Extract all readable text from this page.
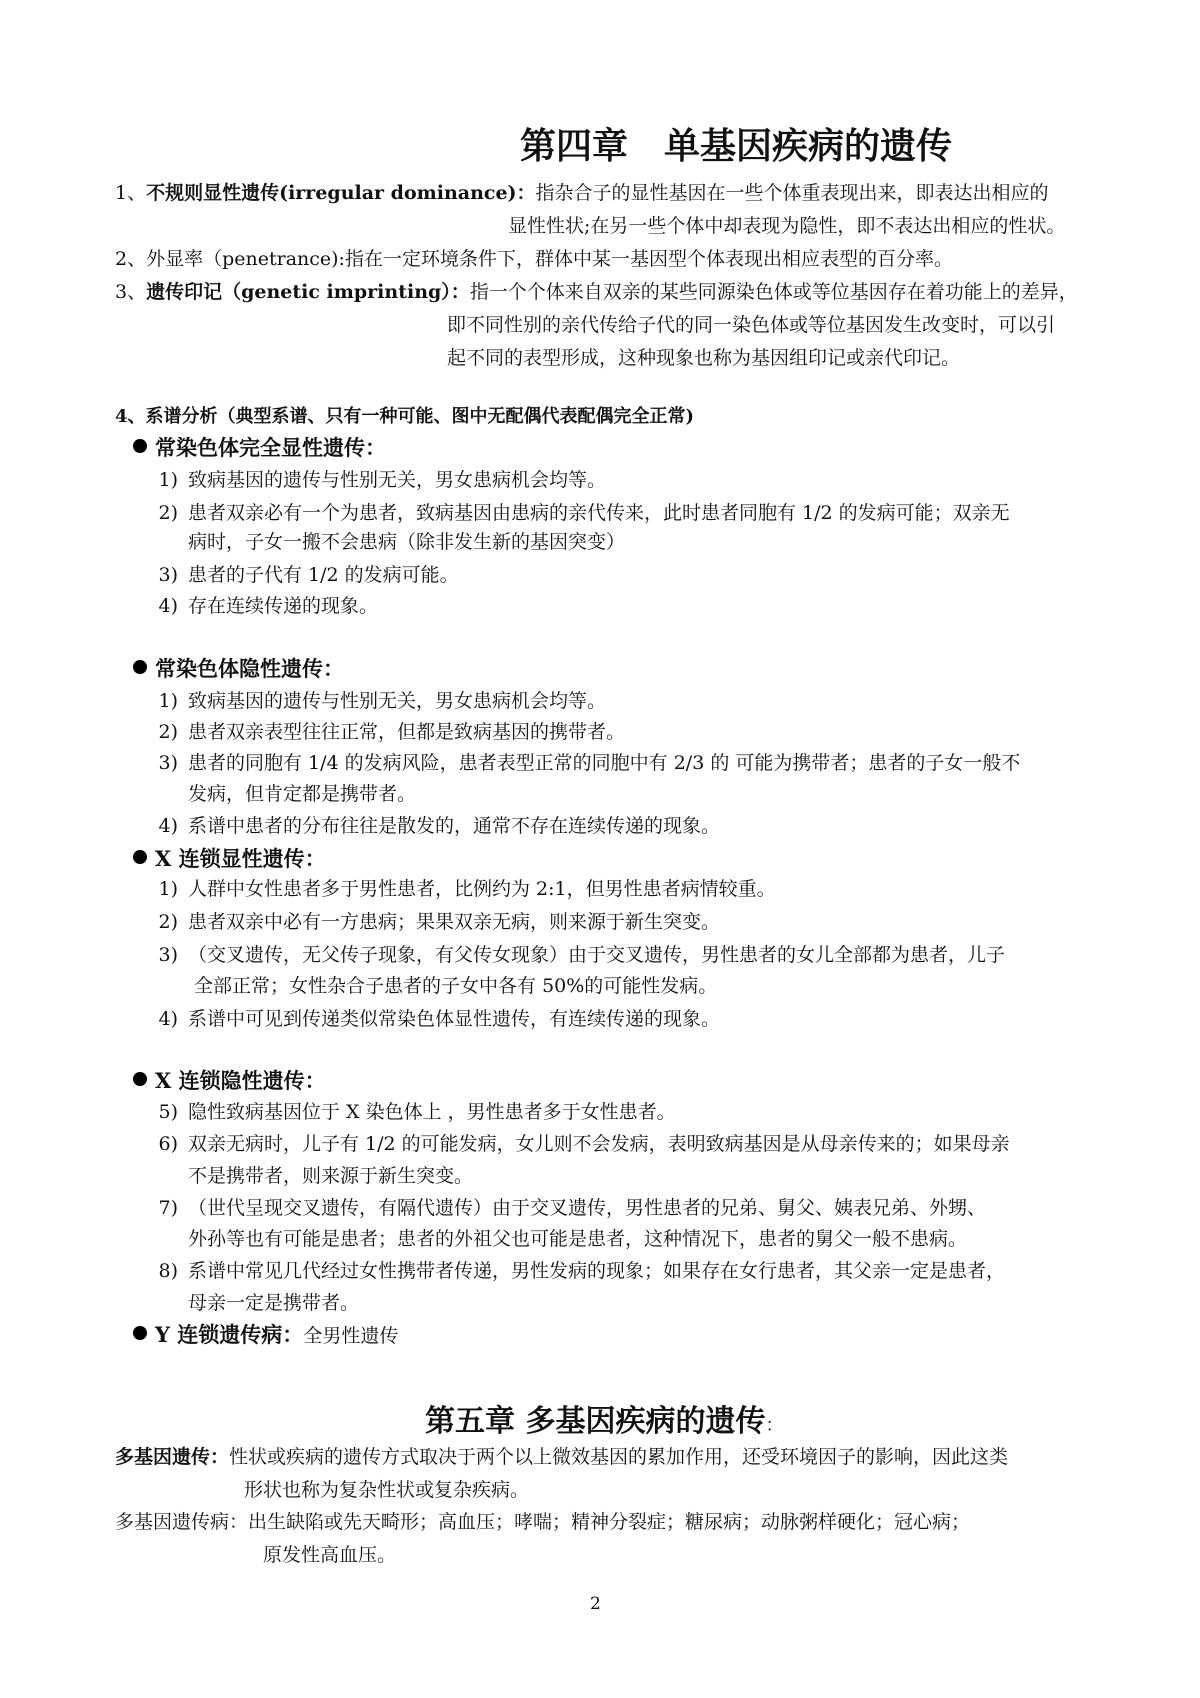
第四章　单基因疾病的遗传
1、不规则显性遗传(irregular dominance)：指杂合子的显性基因在一些个体重表现出来，即表达出相应的
显性性状;在另一些个体中却表现为隐性，即不表达出相应的性状。
2、外显率（penetrance):指在一定环境条件下，群体中某一基因型个体表现出相应表型的百分率。
3、遗传印记（genetic imprinting）：指一个个体来自双亲的某些同源染色体或等位基因存在着功能上的差异，
即不同性别的亲代传给子代的同一染色体或等位基因发生改变时，可以引
起不同的表型形成，这种现象也称为基因组印记或亲代印记。
4、系谱分析（典型系谱、只有一种可能、图中无配偶代表配偶完全正常)
常染色体完全显性遗传：
1) 致病基因的遗传与性别无关，男女患病机会均等。
2) 患者双亲必有一个为患者，致病基因由患病的亲代传来，此时患者同胞有 1/2 的发病可能；双亲无
病时，子女一搬不会患病（除非发生新的基因突变）
3) 患者的子代有 1/2 的发病可能。
4) 存在连续传递的现象。
常染色体隐性遗传：
1) 致病基因的遗传与性别无关，男女患病机会均等。
2) 患者双亲表型往往正常，但都是致病基因的携带者。
3) 患者的同胞有 1/4 的发病风险，患者表型正常的同胞中有 2/3 的 可能为携带者；患者的子女一般不
发病，但肯定都是携带者。
4) 系谱中患者的分布往往是散发的，通常不存在连续传递的现象。
X 连锁显性遗传：
1) 人群中女性患者多于男性患者，比例约为 2:1，但男性患者病情较重。
2) 患者双亲中必有一方患病；果果双亲无病，则来源于新生突变。
3) （交叉遗传，无父传子现象，有父传女现象）由于交叉遗传，男性患者的女儿全部都为患者，儿子
全部正常；女性杂合子患者的子女中各有 50%的可能性发病。
4) 系谱中可见到传递类似常染色体显性遗传，有连续传递的现象。
X 连锁隐性遗传：
5) 隐性致病基因位于 X 染色体上 ，男性患者多于女性患者。
6) 双亲无病时，儿子有 1/2 的可能发病，女儿则不会发病，表明致病基因是从母亲传来的；如果母亲
不是携带者，则来源于新生突变。
7) （世代呈现交叉遗传，有隔代遗传）由于交叉遗传，男性患者的兄弟、舅父、姨表兄弟、外甥、
外孙等也有可能是患者；患者的外祖父也可能是患者，这种情况下，患者的舅父一般不患病。
8) 系谱中常见几代经过女性携带者传递，男性发病的现象；如果存在女行患者，其父亲一定是患者，
母亲一定是携带者。
Y 连锁遗传病：全男性遗传
第五章 多基因疾病的遗传：
多基因遗传：性状或疾病的遗传方式取决于两个以上微效基因的累加作用，还受环境因子的影响，因此这类
形状也称为复杂性状或复杂疾病。
多基因遗传病：出生缺陷或先天畸形；高血压；哮喘；精神分裂症；糖尿病；动脉粥样硬化；冠心病；
原发性高血压。
2
